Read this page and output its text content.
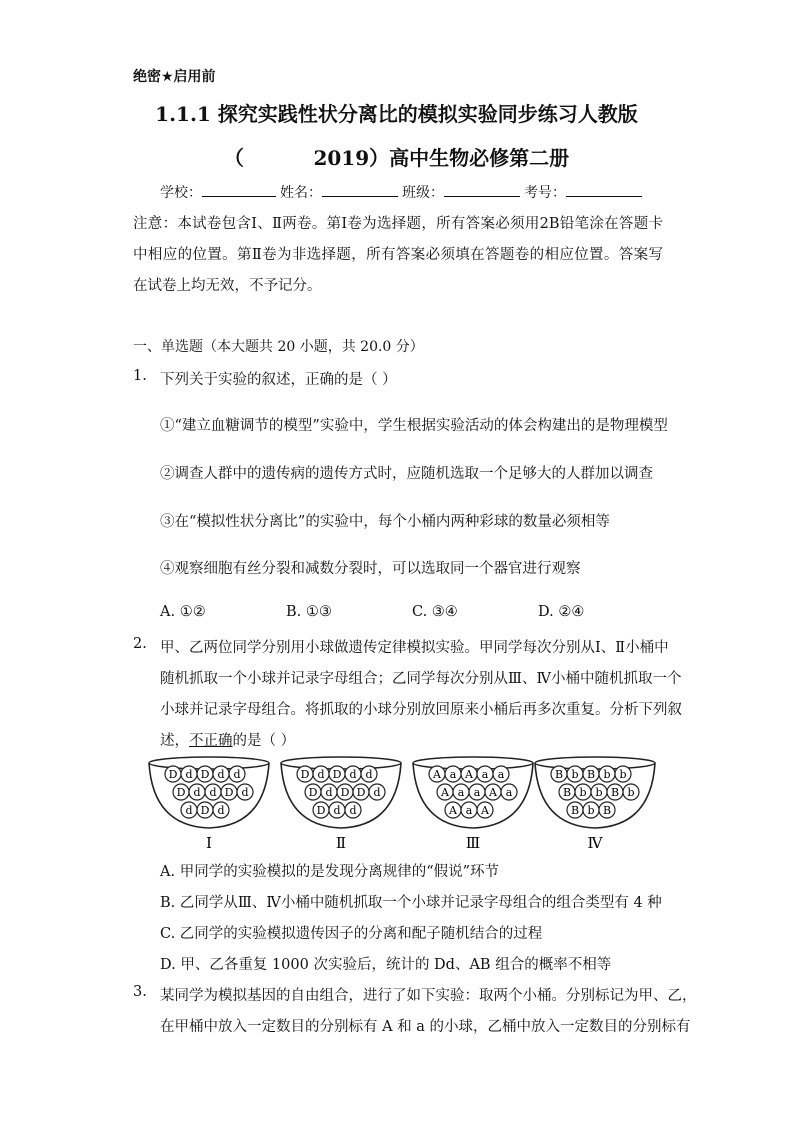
绝密★启用前
1.1.1 探究实践性状分离比的模拟实验同步练习人教版
（          2019）高中生物必修第二册
学校：	姓名：	班级：	考号：
注意：本试卷包含Ⅰ、Ⅱ两卷。第Ⅰ卷为选择题，所有答案必须用2B铅笔涂在答题卡中相应的位置。第Ⅱ卷为非选择题，所有答案必须填在答题卷的相应位置。答案写在试卷上均无效，不予记分。
一、单选题（本大题共 20 小题，共 20.0 分）
1. 下列关于实验的叙述，正确的是（ ）
①“建立血糖调节的模型”实验中，学生根据实验活动的体会构建出的是物理模型
②调查人群中的遗传病的遗传方式时，应随机选取一个足够大的人群加以调查
③在“模拟性状分离比”的实验中，每个小桶内两种彩球的数量必须相等
④观察细胞有丝分裂和减数分裂时，可以选取同一个器官进行观察
A. ①②	B. ①③	C. ③④	D. ②④
2. 甲、乙两位同学分别用小球做遗传定律模拟实验。甲同学每次分别从Ⅰ、Ⅱ小桶中
随机抓取一个小球并记录字母组合；乙同学每次分别从Ⅲ、Ⅳ小桶中随机抓取一个
小球并记录字母组合。将抓取的小球分别放回原来小桶后再多次重复。分析下列叙
述，不正确的是（ ）
D d D d d
D d d D d
d D d
Ⅰ
D d D d d
D d D D d
D d d
Ⅱ
A a A a a
A a a A a
A a A
Ⅲ
B b B b b
B b b B b
B b B
Ⅳ
A. 甲同学的实验模拟的是发现分离规律的“假说”环节
B. 乙同学从Ⅲ、Ⅳ小桶中随机抓取一个小球并记录字母组合的组合类型有 4 种
C. 乙同学的实验模拟遗传因子的分离和配子随机结合的过程
D. 甲、乙各重复 1000 次实验后，统计的 Dd、AB 组合的概率不相等
3. 某同学为模拟基因的自由组合，进行了如下实验：取两个小桶。分别标记为甲、乙，
在甲桶中放入一定数目的分别标有 A 和 a 的小球，乙桶中放入一定数目的分别标有
